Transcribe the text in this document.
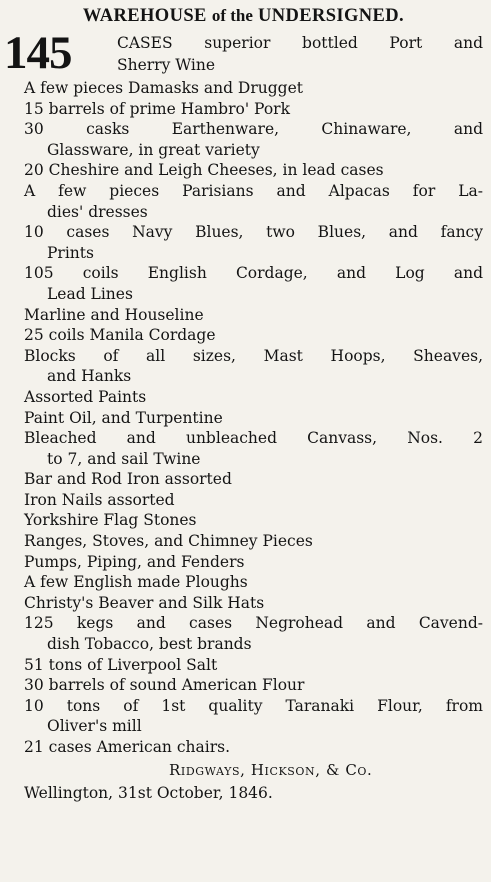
WAREHOUSE of the UNDERSIGNED.
145	CASES superior bottled Port and
Sherry Wine
A few pieces Damasks and Drugget
15 barrels of prime Hambro' Pork
30 casks Earthenware, Chinaware, and
Glassware, in great variety
20 Cheshire and Leigh Cheeses, in lead cases
A few pieces Parisians and Alpacas for La-
dies' dresses
10 cases Navy Blues, two Blues, and fancy
Prints
105 coils English Cordage, and Log and
Lead Lines
Marline and Houseline
25 coils Manila Cordage
Blocks of all sizes, Mast Hoops, Sheaves,
and Hanks
Assorted Paints
Paint Oil, and Turpentine
Bleached and unbleached Canvass, Nos. 2
to 7, and sail Twine
Bar and Rod Iron assorted
Iron Nails assorted
Yorkshire Flag Stones
Ranges, Stoves, and Chimney Pieces
Pumps, Piping, and Fenders
A few English made Ploughs
Christy's Beaver and Silk Hats
125 kegs and cases Negrohead and Cavend-
dish Tobacco, best brands
51 tons of Liverpool Salt
30 barrels of sound American Flour
10 tons of 1st quality Taranaki Flour, from
Oliver's mill
21 cases American chairs.
Ridgways, Hickson, & Co.
Wellington, 31st October, 1846.
